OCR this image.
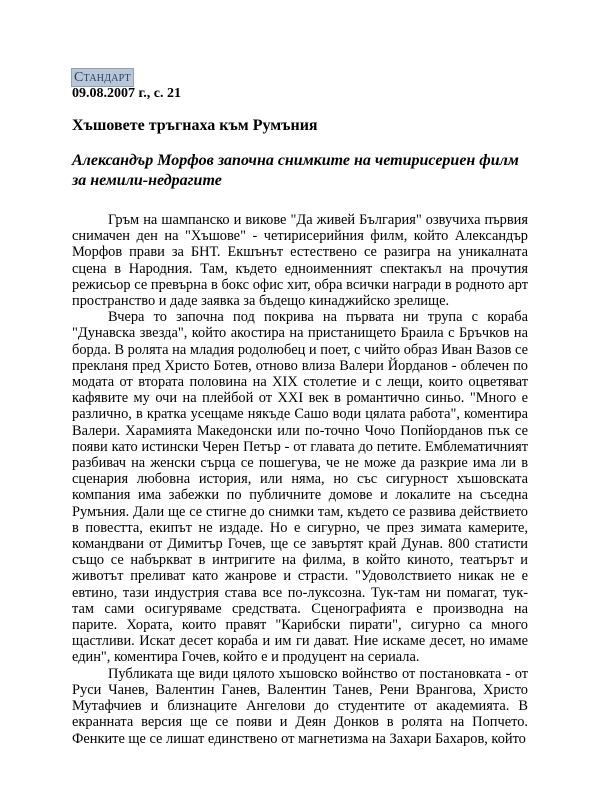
Стандарт
09.08.2007 г., с. 21
Хъшовете тръгнаха към Румъния
Александър Морфов започна снимките на четирисериен филм за немили-недрагите

Гръм на шампанско и викове "Да живей България" озвучиха първия снимачен ден на "Хъшове" - четирисерийния филм, който Александър Морфов прави за БНТ. Екшънът естествено се разигра на уникалната сцена в Народния. Там, където едноименният спектакъл на прочутия режисьор се превърна в бокс офис хит, обра всички награди в родното арт пространство и даде заявка за бъдещо кинаджийско зрелище.

Вчера то започна под покрива на първата ни трупа с кораба "Дунавска звезда", който акостира на пристанището Браила с Бръчков на борда. В ролята на младия родолюбец и поет, с чийто образ Иван Вазов се прекланя пред Христо Ботев, отново влиза Валери Йорданов - облечен по модата от втората половина на XIX столетие и с лещи, които оцветяват кафявите му очи на плейбой от XXI век в романтично синьо. "Много е различно, в кратка усещаме някъде Сашо води цялата работа", коментира Валери. Харамията Македонски или по-точно Чочо Попйорданов пък се появи като истински Черен Петър - от главата до петите. Емблематичният разбивач на женски сърца се пошегува, че не може да разкрие има ли в сценария любовна история, или няма, но със сигурност хъшовската компания има забежки по публичните домове и локалите на съседна Румъния. Дали ще се стигне до снимки там, където се развива действието в повестта, екипът не издаде. Но е сигурно, че през зимата камерите, командвани от Димитър Гочев, ще се завъртят край Дунав. 800 статисти също се набъркват в интригите на филма, в който киното, театърът и животът преливат като жанрове и страсти. "Удоволствието никак не е евтино, тази индустрия става все по-луксозна. Тук-там ни помагат, тук-там сами осигуряваме средствата. Сценографията е производна на парите. Хората, които правят "Карибски пирати", сигурно са много щастливи. Искат десет кораба и им ги дават. Ние искаме десет, но имаме един", коментира Гочев, който е и продуцент на сериала.

Публиката ще види цялото хъшовско войнство от постановката - от Руси Чанев, Валентин Ганев, Валентин Танев, Рени Врангова, Христо Мутафчиев и близнаците Ангелови до студентите от академията. В екранната версия ще се появи и Деян Донков в ролята на Попчето. Фенките ще се лишат единствено от магнетизма на Захари Бахаров, който
